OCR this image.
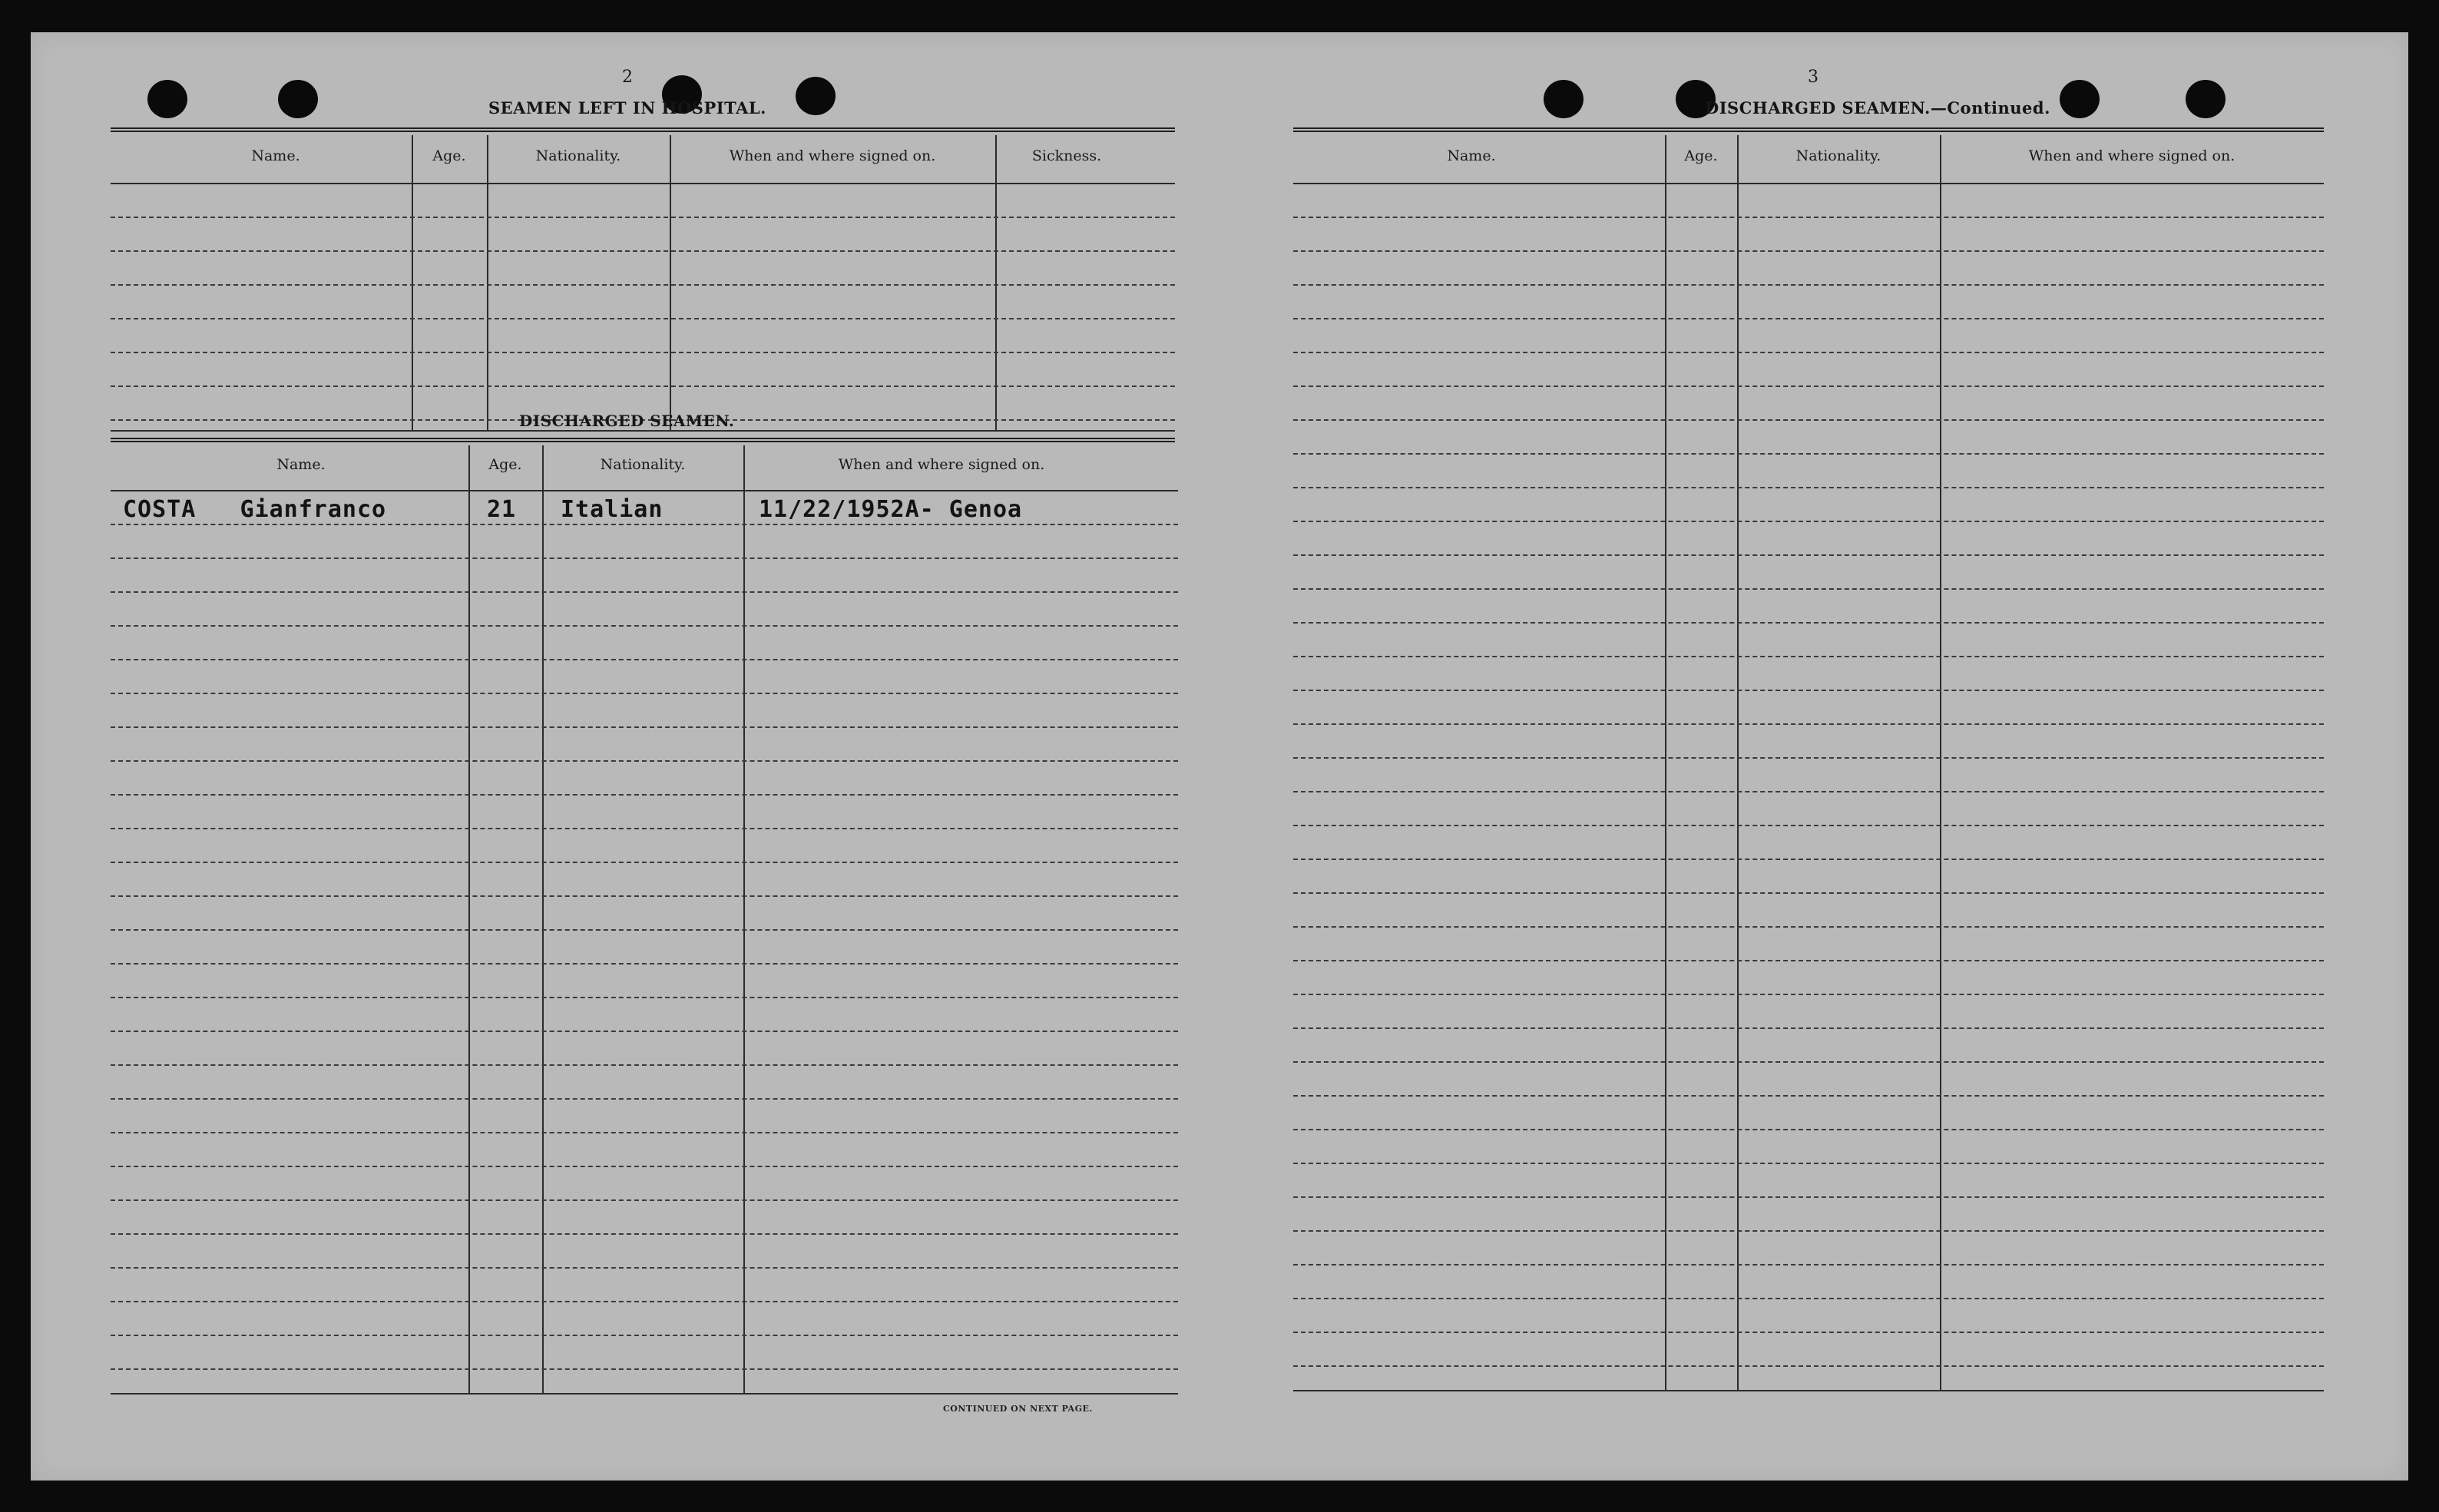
2
SEAMEN LEFT IN HOSPITAL.
Name.	Age.	Nationality.	When and where signed on.	Sickness.
DISCHARGED SEAMEN.
Name.	Age.	Nationality.	When and where signed on.
COSTA   Gianfranco	21 Italian	11/22/1952A- Genoa
CONTINUED ON NEXT PAGE.
3
DISCHARGED SEAMEN.—Continued.
Name.	Age.	Nationality.	When and where signed on.
